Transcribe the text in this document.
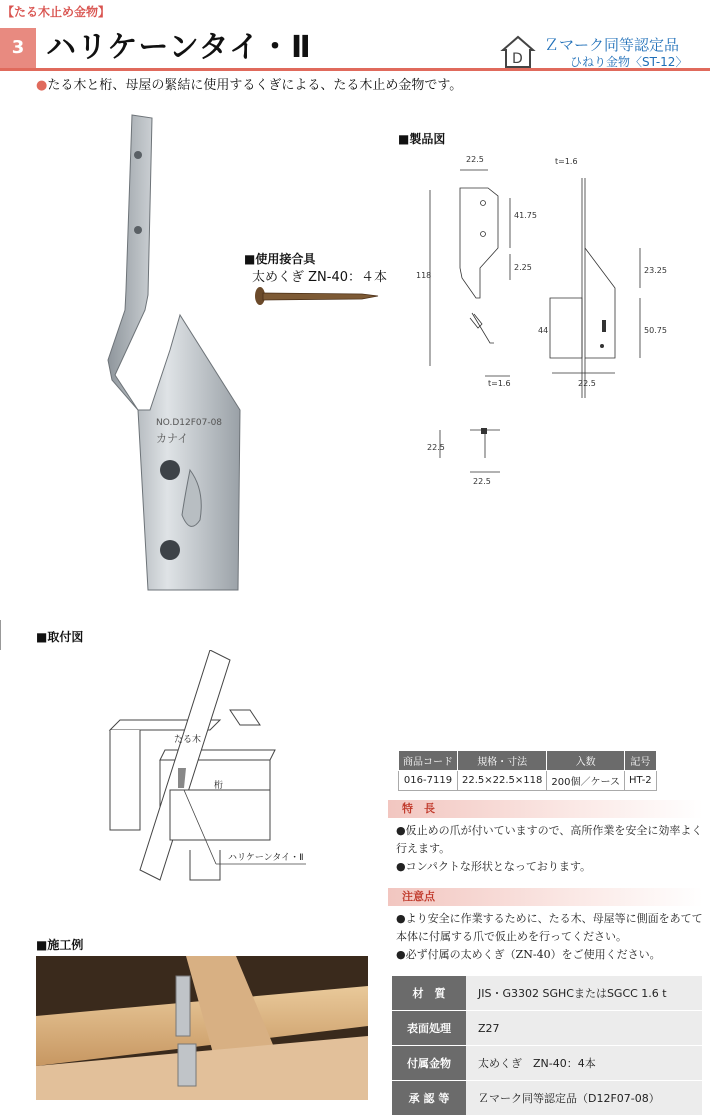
【たる木止め金物】
3 ハリケーンタイ・Ⅱ	D
Ｚマーク同等認定品
ひねり金物〈ST-12〉
●たる木と桁、母屋の緊結に使用するくぎによる、たる木止め金物です。
NO.D12F07-08
カナイ
■使用接合具
太めくぎ ZN-40：４本
■製品図
22.5
41.75
2.25
118
t=1.6
t=1.6
23.25
50.75
44
22.5
22.5
22.5
■取付図
たる木
桁
ハリケーンタイ・Ⅱ
■施工例
商品コード	規格・寸法	入数	記号
016-7119	22.5×22.5×118	200個／ケース	HT-2
特　長
●仮止めの爪が付いていますので、高所作業を安全に効率よく行えます。
●コンパクトな形状となっております。
注意点
●より安全に作業するために、たる木、母屋等に側面をあてて本体に付属する爪で仮止めを行ってください。
●必ず付属の太めくぎ（ZN-40）をご使用ください。
材　質	JIS・G3302 SGHCまたはSGCC 1.6 t
表面処理	Z27
付属金物	太めくぎ　ZN-40：4本
承 認 等	Ｚマーク同等認定品（D12F07-08）
